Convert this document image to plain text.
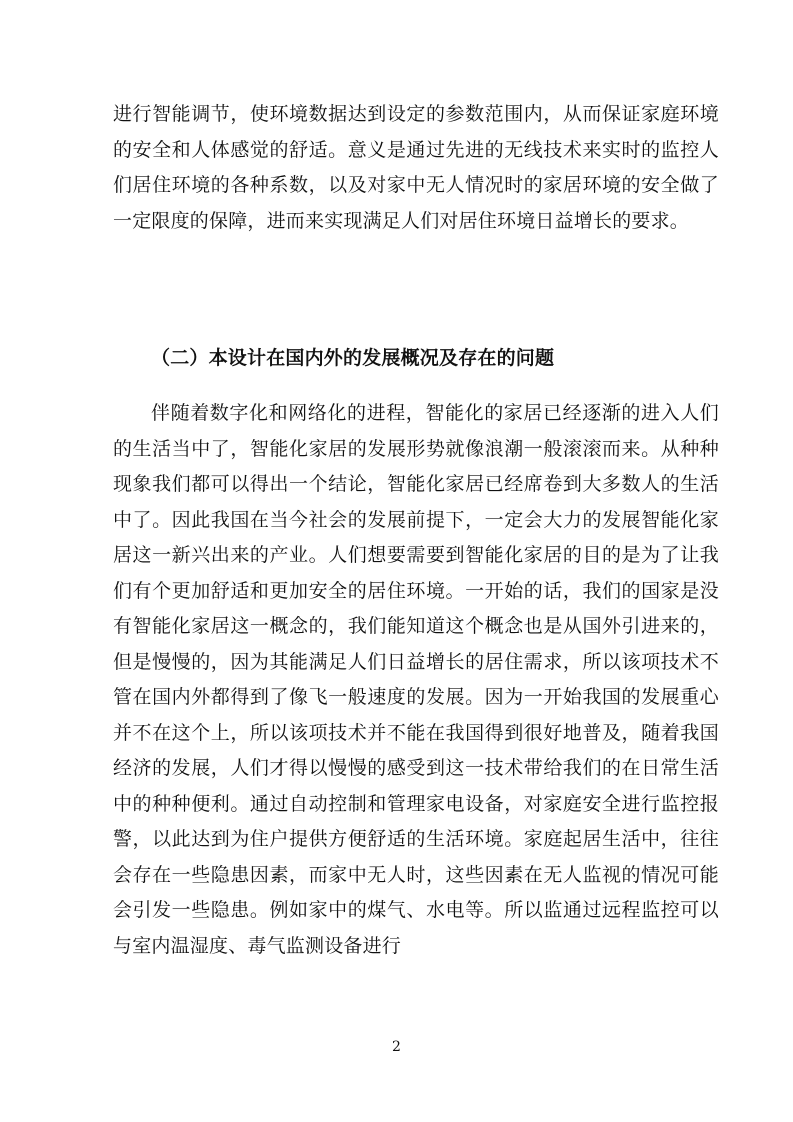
进行智能调节，使环境数据达到设定的参数范围内，从而保证家庭环境的安全和人体感觉的舒适。意义是通过先进的无线技术来实时的监控人们居住环境的各种系数，以及对家中无人情况时的家居环境的安全做了一定限度的保障，进而来实现满足人们对居住环境日益增长的要求。

（二）本设计在国内外的发展概况及存在的问题

伴随着数字化和网络化的进程，智能化的家居已经逐渐的进入人们的生活当中了，智能化家居的发展形势就像浪潮一般滚滚而来。从种种现象我们都可以得出一个结论，智能化家居已经席卷到大多数人的生活中了。因此我国在当今社会的发展前提下，一定会大力的发展智能化家居这一新兴出来的产业。人们想要需要到智能化家居的目的是为了让我们有个更加舒适和更加安全的居住环境。一开始的话，我们的国家是没有智能化家居这一概念的，我们能知道这个概念也是从国外引进来的，但是慢慢的，因为其能满足人们日益增长的居住需求，所以该项技术不管在国内外都得到了像飞一般速度的发展。因为一开始我国的发展重心并不在这个上，所以该项技术并不能在我国得到很好地普及，随着我国经济的发展，人们才得以慢慢的感受到这一技术带给我们的在日常生活中的种种便利。通过自动控制和管理家电设备，对家庭安全进行监控报警，以此达到为住户提供方便舒适的生活环境。家庭起居生活中，往往会存在一些隐患因素，而家中无人时，这些因素在无人监视的情况可能会引发一些隐患。例如家中的煤气、水电等。所以监通过远程监控可以与室内温湿度、毒气监测设备进行

2
